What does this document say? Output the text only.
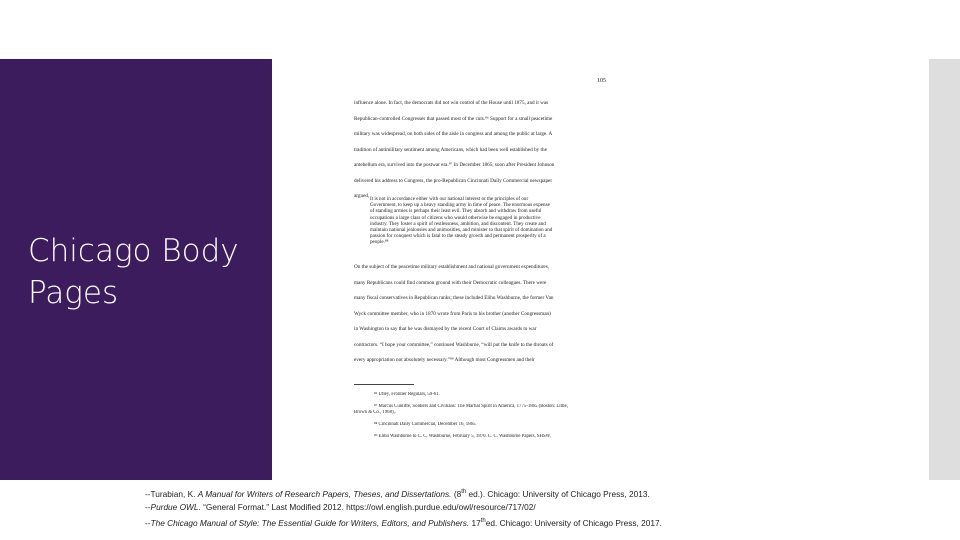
Chicago Body
Pages
105
influence alone. In fact, the democrats did not win control of the House until 1875, and it was
Republican-controlled Congresses that passed most of the cuts.⁸⁶ Support for a small peacetime
military was widespread, on both sides of the aisle in congress and among the public at large. A
tradition of antimilitary sentiment among Americans, which had been well established by the
antebellum era, survived into the postwar era.⁸⁷ In December 1865, soon after President Johnson
delivered his address to Congress, the pro-Republican Cincinnati Daily Commercial newspaper
argued, It is not in accordance either with our national interest or the principles of our
Government, to keep up a heavy standing army in time of peace. The enormous expense
of standing armies is perhaps their least evil. They absorb and withdraw from useful
occupations a large class of citizens who would otherwise be engaged in productive
industry. They foster a spirit of restlessness, ambition, and discontent. They create and
maintain national jealousies and animosities, and minister to that spirit of domination and
passion for conquest which is fatal to the steady growth and permanent prosperity of a
people.⁸⁸
On the subject of the peacetime military establishment and national government expenditures,
many Republicans could find common ground with their Democratic colleagues. There were
many fiscal conservatives in Republican ranks; these included Elihu Washburne, the former Van
Wyck committee member, who in 1870 wrote from Paris to his brother (another Congressman)
in Washington to say that he was dismayed by the recent Court of Claims awards to war
contractors. “I hope your committee,” continued Washburne, “will put the knife to the throats of
every appropriation not absolutely necessary.”⁸⁹ Although most Congressmen and their
⁸⁶ Utley, Frontier Regulars, 59-61.
⁸⁷ Marcus Cunliffe, Soldiers and Civilians: The Martial Spirit in America, 1775-1865 (Boston: Little,
Brown & Co., 1968),.
⁸⁸ Cincinnati Daily Commercial, December 16, 1865.
⁸⁹ Elihu Washburne to C. C. Washburne, February 5, 1870. C. C. Washburne Papers, SHSW.
--Turabian, K. A Manual for Writers of Research Papers, Theses, and Dissertations. (8th ed.). Chicago: University of Chicago Press, 2013.
--Purdue OWL. “General Format.” Last Modified 2012. https://owl.english.purdue.edu/owl/resource/717/02/
--The Chicago Manual of Style: The Essential Guide for Writers, Editors, and Publishers. 17thed. Chicago: University of Chicago Press, 2017.
